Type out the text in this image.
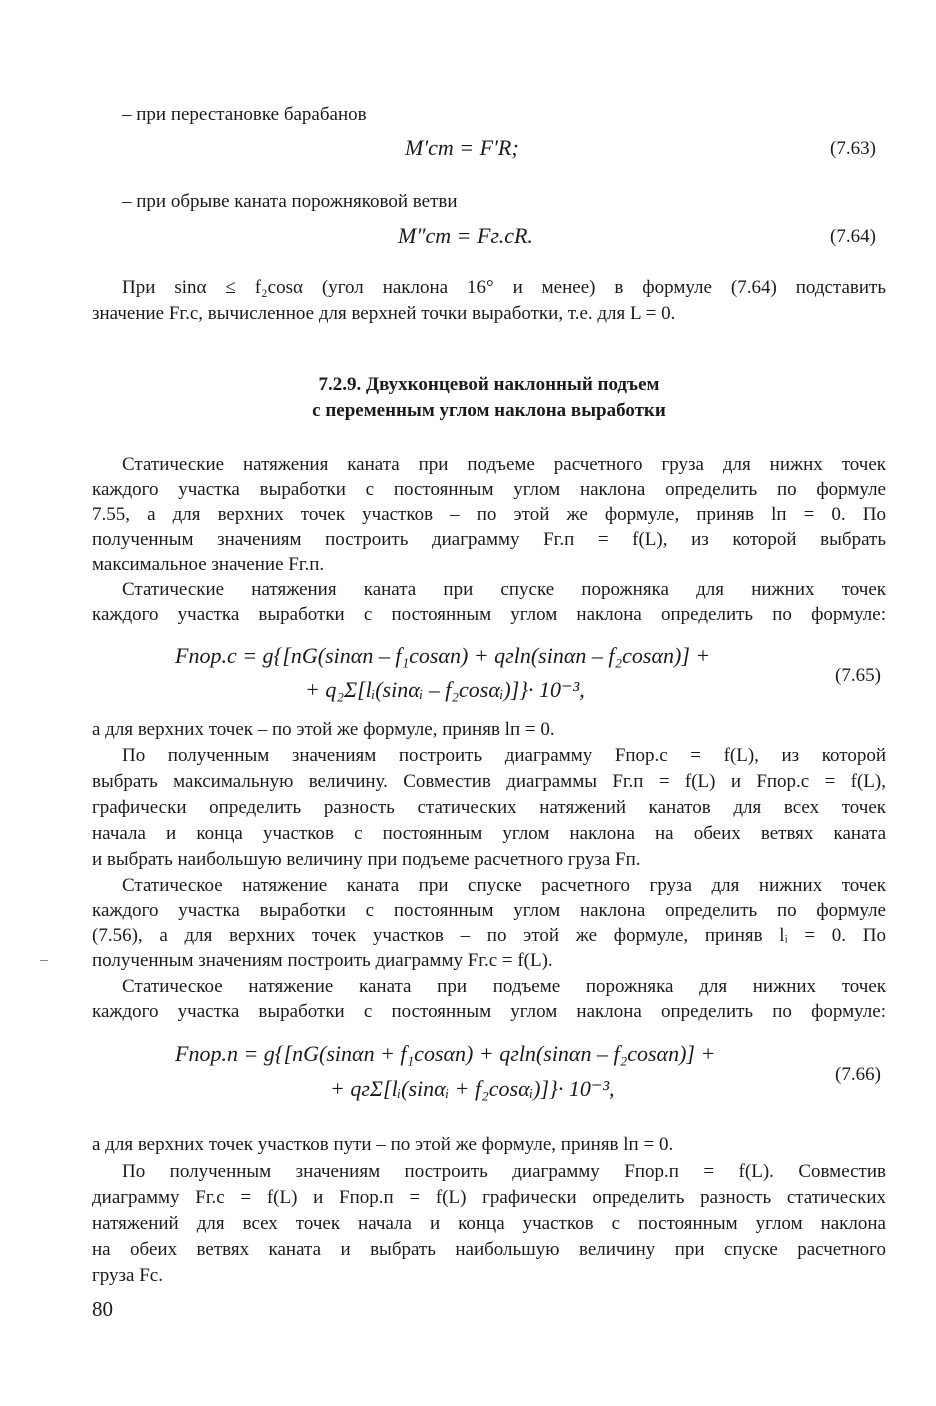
– при перестановке барабанов
M′ст = F′R;	(7.63)
– при обрыве каната порожняковой ветви
M″ст = Fг.сR.	(7.64)
При sinα ≤ f₂cosα (угол наклона 16° и менее) в формуле (7.64) подставить
значение Fг.с, вычисленное для верхней точки выработки, т.е. для L = 0.
7.2.9. Двухконцевой наклонный подъем
с переменным углом наклона выработки
Статические натяжения каната при подъеме расчетного груза для нижнх точек
каждого участка выработки с постоянным углом наклона определить по формуле
7.55, а для верхних точек участков – по этой же формуле, приняв lп = 0. По
полученным значениям построить диаграмму Fг.п = f(L), из которой выбрать
максимальное значение Fг.п.
Статические натяжения каната при спуске порожняка для нижних точек
каждого участка выработки с постоянным углом наклона определить по формуле:
Fпор.с = g{[nG(sinαп – f₁cosαп) + qгlп(sinαп – f₂cosαп)] +
+ q₂Σ[lᵢ(sinαᵢ – f₂cosαᵢ)]}· 10⁻³,
(7.65)
а для верхних точек – по этой же формуле, приняв lп = 0.
По полученным значениям построить диаграмму Fпор.с = f(L), из которой
выбрать максимальную величину. Совместив диаграммы Fг.п = f(L) и Fпор.с = f(L),
графически определить разность статических натяжений канатов для всех точек
начала и конца участков с постоянным углом наклона на обеих ветвях каната
и выбрать наибольшую величину при подъеме расчетного груза Fп.
Статическое натяжение каната при спуске расчетного груза для нижних точек
каждого участка выработки с постоянным углом наклона определить по формуле
(7.56), а для верхних точек участков – по этой же формуле, приняв lᵢ = 0. По
полученным значениям построить диаграмму Fг.с = f(L).
Статическое натяжение каната при подъеме порожняка для нижних точек
каждого участка выработки с постоянным углом наклона определить по формуле:
Fпор.п = g{[nG(sinαп + f₁cosαп) + qгlп(sinαп – f₂cosαп)] +
+ qгΣ[lᵢ(sinαᵢ + f₂cosαᵢ)]}· 10⁻³,
(7.66)
а для верхних точек участков пути – по этой же формуле, приняв lп = 0.
По полученным значениям построить диаграмму Fпор.п = f(L). Совместив
диаграмму Fг.с = f(L) и Fпор.п = f(L) графически определить разность статических
натяжений для всех точек начала и конца участков с постоянным углом наклона
на обеих ветвях каната и выбрать наибольшую величину при спуске расчетного
груза Fс.
80
